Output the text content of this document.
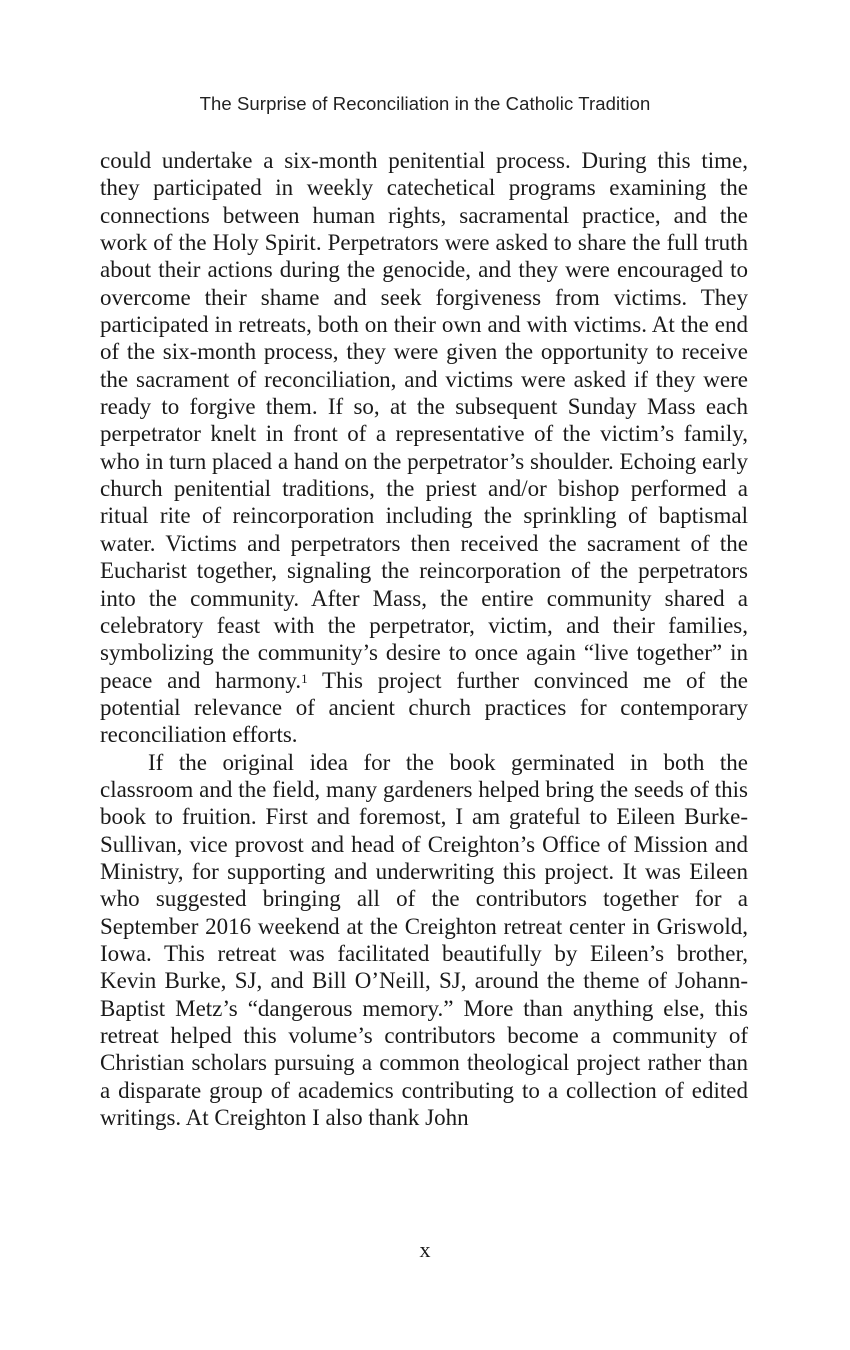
The Surprise of Reconciliation in the Catholic Tradition

could undertake a six-month penitential process. During this time, they participated in weekly catechetical programs examining the connections between human rights, sacramental practice, and the work of the Holy Spirit. Perpetrators were asked to share the full truth about their actions during the genocide, and they were encouraged to overcome their shame and seek forgiveness from victims. They participated in retreats, both on their own and with victims. At the end of the six-month process, they were given the opportunity to receive the sacrament of reconciliation, and victims were asked if they were ready to forgive them. If so, at the subsequent Sunday Mass each perpetrator knelt in front of a representative of the victim’s family, who in turn placed a hand on the perpetrator’s shoulder. Echoing early church penitential traditions, the priest and/or bishop performed a ritual rite of reincorporation including the sprinkling of baptismal water. Victims and perpetrators then received the sacrament of the Eucharist together, signaling the reincorporation of the perpetrators into the community. After Mass, the entire community shared a celebratory feast with the perpetrator, victim, and their families, symbolizing the community’s desire to once again “live together” in peace and harmony.$^1$ This project further convinced me of the potential relevance of ancient church practices for contemporary reconciliation efforts.

If the original idea for the book germinated in both the classroom and the field, many gardeners helped bring the seeds of this book to fruition. First and foremost, I am grateful to Eileen Burke-Sullivan, vice provost and head of Creighton’s Office of Mission and Ministry, for supporting and underwriting this project. It was Eileen who suggested bringing all of the contributors together for a September 2016 weekend at the Creighton retreat center in Griswold, Iowa. This retreat was facilitated beautifully by Eileen’s brother, Kevin Burke, SJ, and Bill O’Neill, SJ, around the theme of Johann-Baptist Metz’s “dangerous memory.” More than anything else, this retreat helped this volume’s contributors become a community of Christian scholars pursuing a common theological project rather than a disparate group of academics contributing to a collection of edited writings. At Creighton I also thank John

x
